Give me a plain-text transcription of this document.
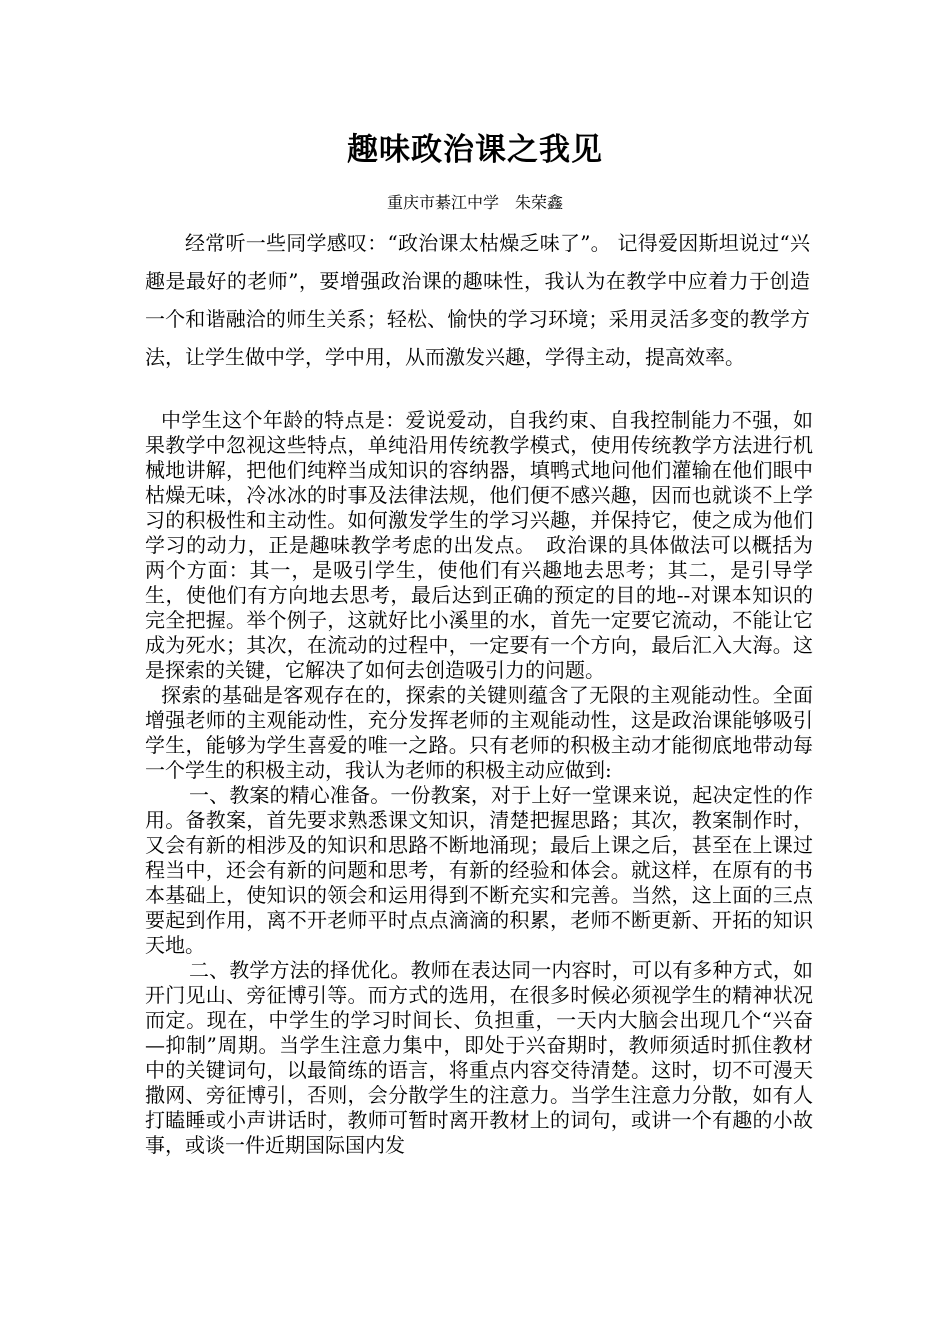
趣味政治课之我见
重庆市綦江中学　朱荣鑫

经常听一些同学感叹：“政治课太枯燥乏味了”。 记得爱因斯坦说过“兴趣是最好的老师”，要增强政治课的趣味性，我认为在教学中应着力于创造一个和谐融洽的师生关系；轻松、愉快的学习环境；采用灵活多变的教学方法，让学生做中学，学中用，从而激发兴趣，学得主动，提高效率。

中学生这个年龄的特点是：爱说爱动，自我约束、自我控制能力不强，如果教学中忽视这些特点，单纯沿用传统教学模式，使用传统教学方法进行机械地讲解，把他们纯粹当成知识的容纳器，填鸭式地问他们灌输在他们眼中枯燥无味，冷冰冰的时事及法律法规，他们便不感兴趣，因而也就谈不上学习的积极性和主动性。如何激发学生的学习兴趣，并保持它，使之成为他们学习的动力，正是趣味教学考虑的出发点。　政治课的具体做法可以概括为两个方面：其一，是吸引学生，使他们有兴趣地去思考；其二，是引导学生，使他们有方向地去思考，最后达到正确的预定的目的地--对课本知识的完全把握。举个例子，这就好比小溪里的水，首先一定要它流动，不能让它成为死水；其次，在流动的过程中，一定要有一个方向，最后汇入大海。这是探索的关键，它解决了如何去创造吸引力的问题。

探索的基础是客观存在的，探索的关键则蕴含了无限的主观能动性。全面增强老师的主观能动性，充分发挥老师的主观能动性，这是政治课能够吸引学生，能够为学生喜爱的唯一之路。只有老师的积极主动才能彻底地带动每一个学生的积极主动，我认为老师的积极主动应做到:

一、教案的精心准备。一份教案，对于上好一堂课来说，起决定性的作用。备教案，首先要求熟悉课文知识，清楚把握思路；其次，教案制作时，又会有新的相涉及的知识和思路不断地涌现；最后上课之后，甚至在上课过程当中，还会有新的问题和思考，有新的经验和体会。就这样，在原有的书本基础上，使知识的领会和运用得到不断充实和完善。当然，这上面的三点要起到作用，离不开老师平时点点滴滴的积累，老师不断更新、开拓的知识天地。

二、教学方法的择优化。教师在表达同一内容时，可以有多种方式，如开门见山、旁征博引等。而方式的选用，在很多时候必须视学生的精神状况而定。现在，中学生的学习时间长、负担重，一天内大脑会出现几个“兴奋—抑制”周期。当学生注意力集中，即处于兴奋期时，教师须适时抓住教材中的关键词句，以最简练的语言，将重点内容交待清楚。这时，切不可漫天撒网、旁征博引，否则，会分散学生的注意力。当学生注意力分散，如有人打瞌睡或小声讲话时，教师可暂时离开教材上的词句，或讲一个有趣的小故事，或谈一件近期国际国内发
